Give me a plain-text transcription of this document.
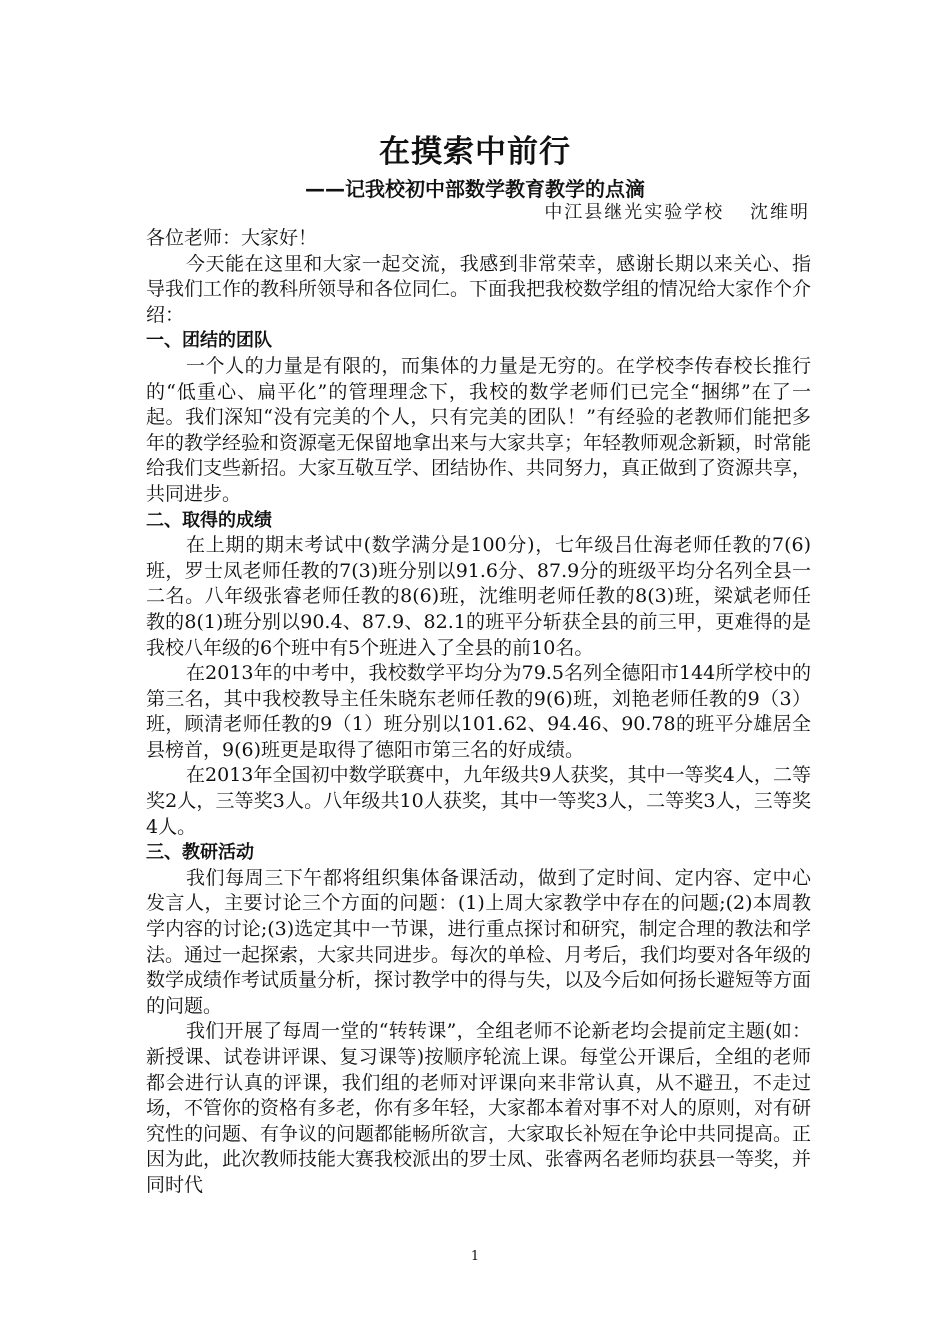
在摸索中前行
——记我校初中部数学教育教学的点滴
中江县继光实验学校  沈维明

各位老师：大家好！

今天能在这里和大家一起交流，我感到非常荣幸，感谢长期以来关心、指导我们工作的教科所领导和各位同仁。下面我把我校数学组的情况给大家作个介绍：

一、团结的团队

一个人的力量是有限的，而集体的力量是无穷的。在学校李传春校长推行的“低重心、扁平化”的管理理念下，我校的数学老师们已完全“捆绑”在了一起。我们深知“没有完美的个人，只有完美的团队！”有经验的老教师们能把多年的教学经验和资源毫无保留地拿出来与大家共享；年轻教师观念新颖，时常能给我们支些新招。大家互敬互学、团结协作、共同努力，真正做到了资源共享，共同进步。

二、取得的成绩

在上期的期末考试中(数学满分是100分)，七年级吕仕海老师任教的7(6)班，罗士凤老师任教的7(3)班分别以91.6分、87.9分的班级平均分名列全县一二名。八年级张睿老师任教的8(6)班，沈维明老师任教的8(3)班，梁斌老师任教的8(1)班分别以90.4、87.9、82.1的班平分斩获全县的前三甲，更难得的是我校八年级的6个班中有5个班进入了全县的前10名。

在2013年的中考中，我校数学平均分为79.5名列全德阳市144所学校中的第三名，其中我校教导主任朱晓东老师任教的9(6)班，刘艳老师任教的9（3）班，顾清老师任教的9（1）班分别以101.62、94.46、90.78的班平分雄居全县榜首，9(6)班更是取得了德阳市第三名的好成绩。

在2013年全国初中数学联赛中，九年级共9人获奖，其中一等奖4人，二等奖2人，三等奖3人。八年级共10人获奖，其中一等奖3人，二等奖3人，三等奖4人。

三、教研活动

我们每周三下午都将组织集体备课活动，做到了定时间、定内容、定中心发言人，主要讨论三个方面的问题：(1)上周大家教学中存在的问题;(2)本周教学内容的讨论;(3)选定其中一节课，进行重点探讨和研究，制定合理的教法和学法。通过一起探索，大家共同进步。每次的单检、月考后，我们均要对各年级的数学成绩作考试质量分析，探讨教学中的得与失，以及今后如何扬长避短等方面的问题。

我们开展了每周一堂的“转转课”，全组老师不论新老均会提前定主题(如：新授课、试卷讲评课、复习课等)按顺序轮流上课。每堂公开课后，全组的老师都会进行认真的评课，我们组的老师对评课向来非常认真，从不避丑，不走过场，不管你的资格有多老，你有多年轻，大家都本着对事不对人的原则，对有研究性的问题、有争议的问题都能畅所欲言，大家取长补短在争论中共同提高。正因为此，此次教师技能大赛我校派出的罗士凤、张睿两名老师均获县一等奖，并同时代

1
